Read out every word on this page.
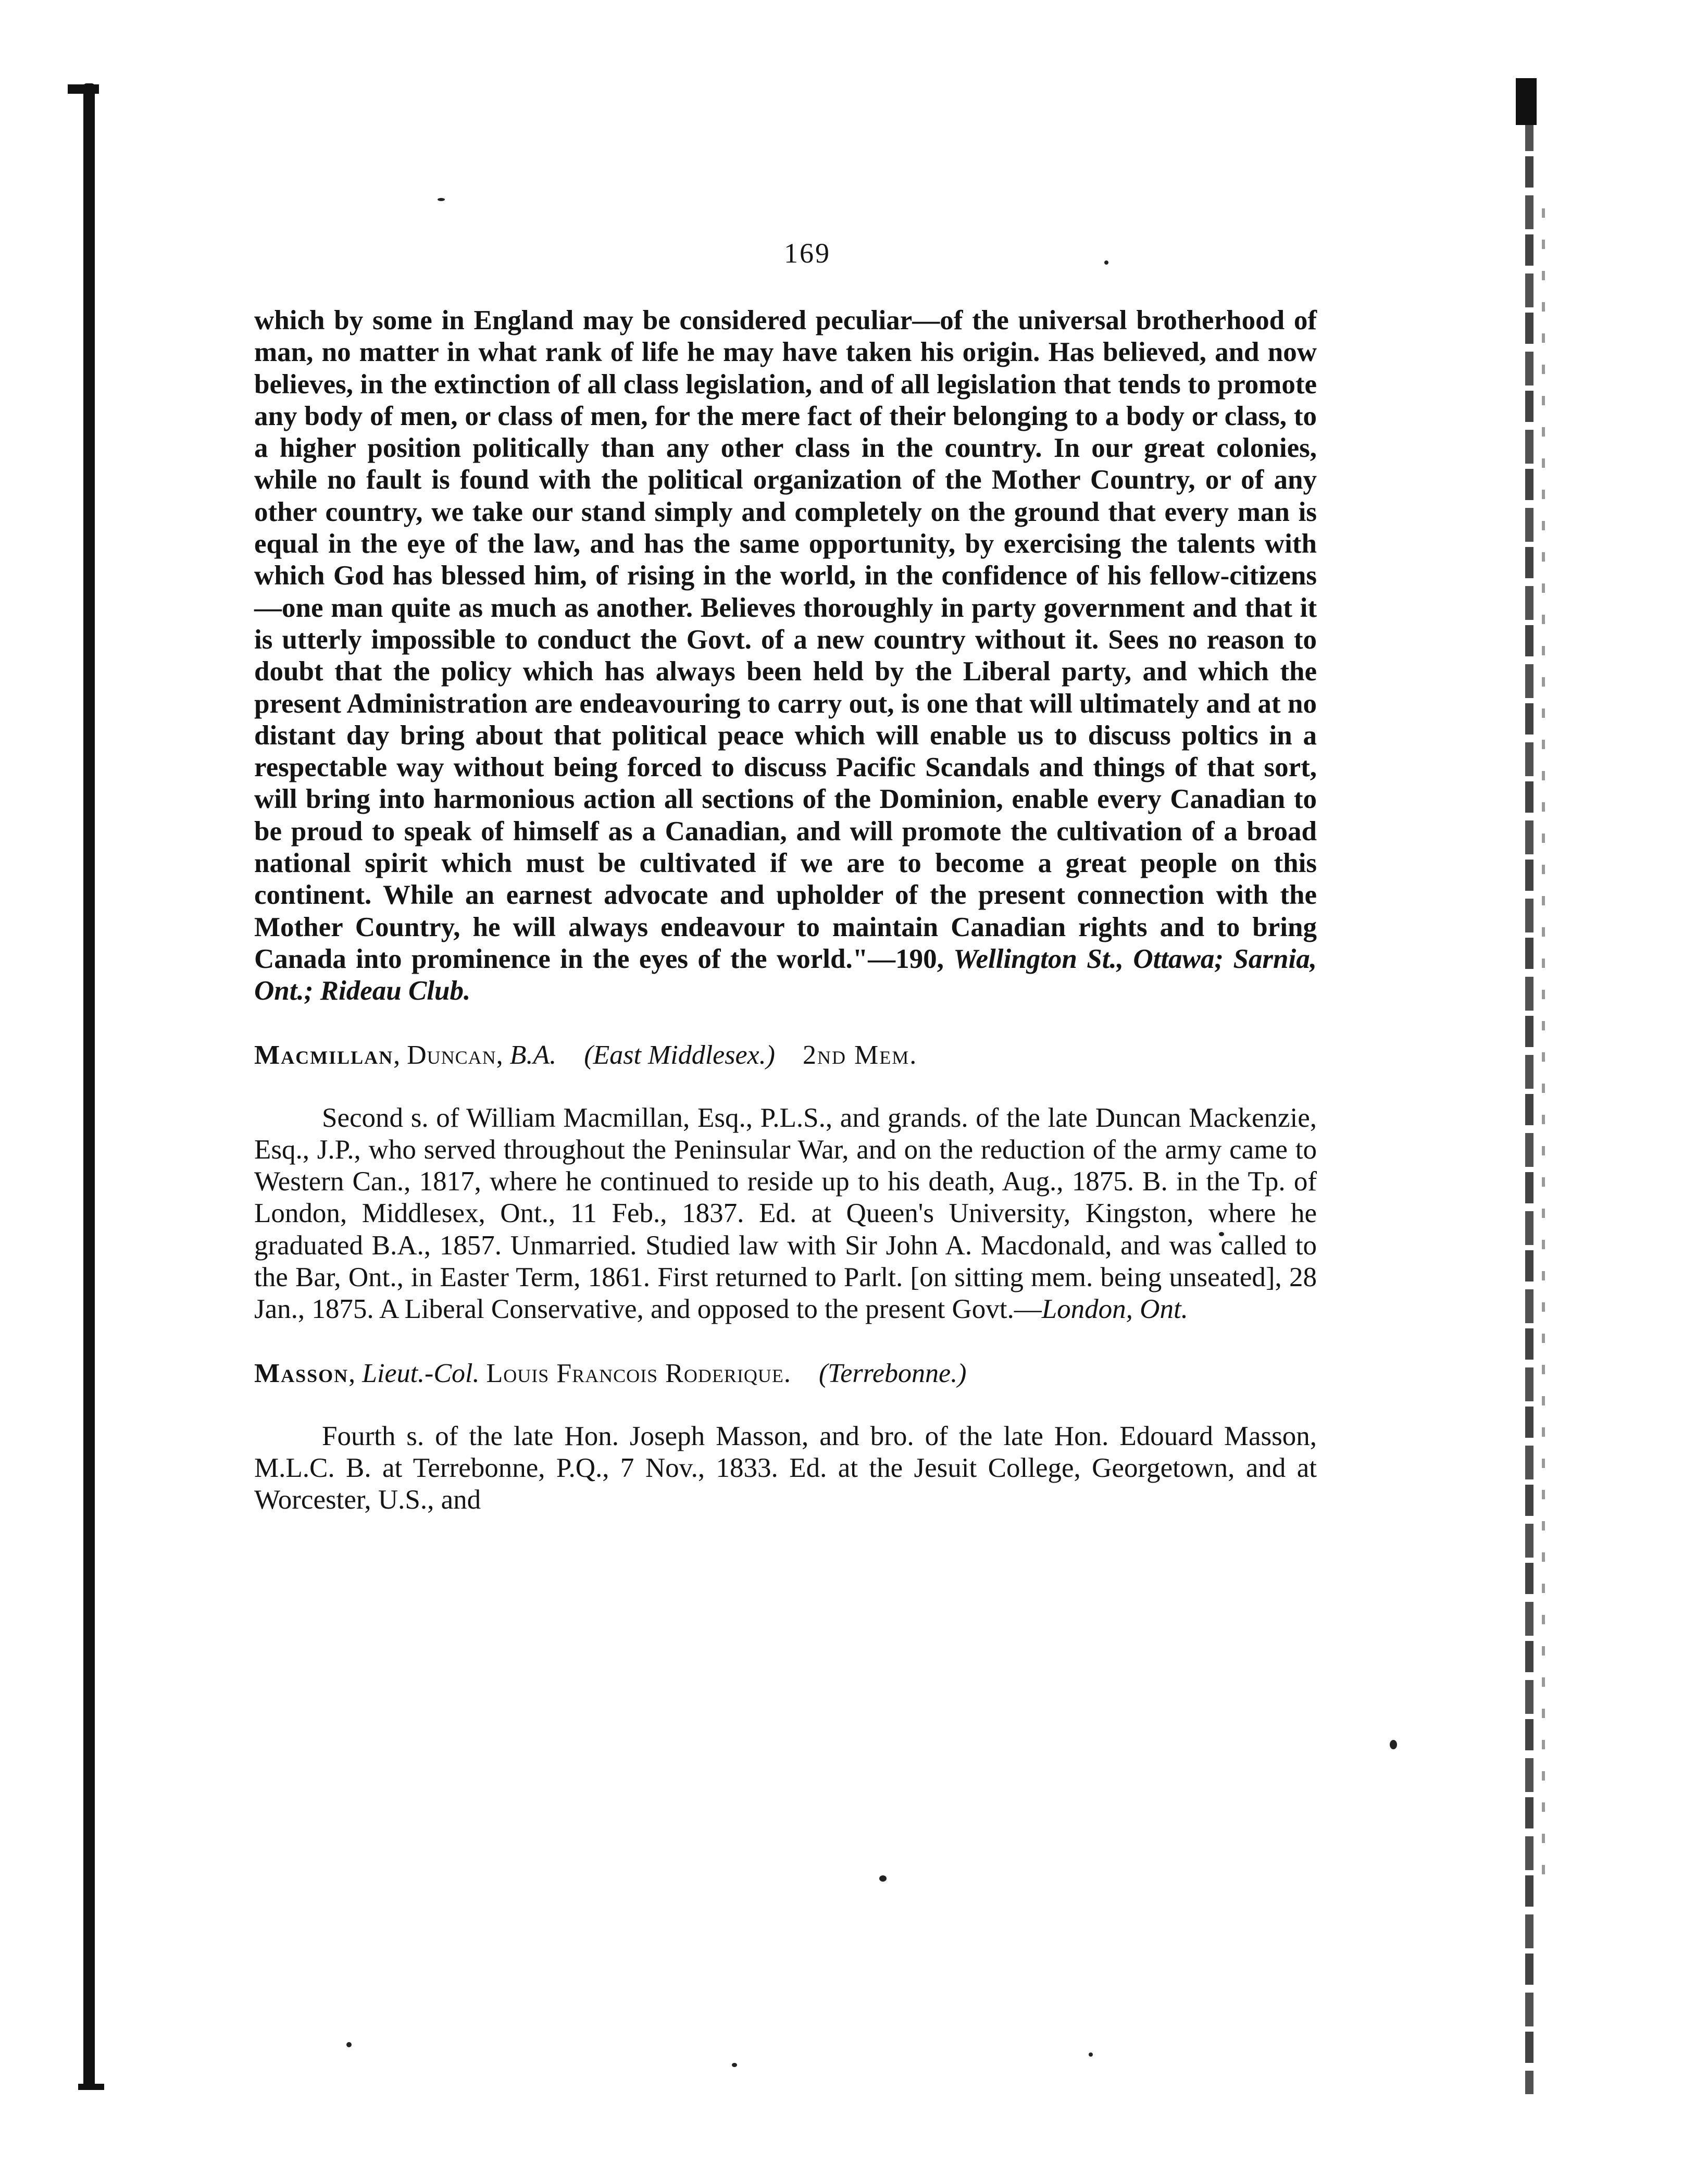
169

which by some in England may be considered peculiar—of the universal brotherhood of man, no matter in what rank of life he may have taken his origin. Has believed, and now believes, in the extinction of all class legislation, and of all legislation that tends to promote any body of men, or class of men, for the mere fact of their belonging to a body or class, to a higher position politically than any other class in the country. In our great colonies, while no fault is found with the political organization of the Mother Country, or of any other country, we take our stand simply and completely on the ground that every man is equal in the eye of the law, and has the same opportunity, by exercising the talents with which God has blessed him, of rising in the world, in the confidence of his fellow-citizens—one man quite as much as another. Believes thoroughly in party government and that it is utterly impossible to conduct the Govt. of a new country without it. Sees no reason to doubt that the policy which has always been held by the Liberal party, and which the present Administration are endeavouring to carry out, is one that will ultimately and at no distant day bring about that political peace which will enable us to discuss poltics in a respectable way without being forced to discuss Pacific Scandals and things of that sort, will bring into harmonious action all sections of the Dominion, enable every Canadian to be proud to speak of himself as a Canadian, and will promote the cultivation of a broad national spirit which must be cultivated if we are to become a great people on this continent. While an earnest advocate and upholder of the present connection with the Mother Country, he will always endeavour to maintain Canadian rights and to bring Canada into prominence in the eyes of the world."—190, Wellington St., Ottawa; Sarnia, Ont.; Rideau Club.

Macmillan, Duncan, B.A. (East Middlesex.) 2nd Mem.

Second s. of William Macmillan, Esq., P.L.S., and grands. of the late Duncan Mackenzie, Esq., J.P., who served throughout the Peninsular War, and on the reduction of the army came to Western Can., 1817, where he continued to reside up to his death, Aug., 1875. B. in the Tp. of London, Middlesex, Ont., 11 Feb., 1837. Ed. at Queen's University, Kingston, where he graduated B.A., 1857. Unmarried. Studied law with Sir John A. Macdonald, and was called to the Bar, Ont., in Easter Term, 1861. First returned to Parlt. [on sitting mem. being unseated], 28 Jan., 1875. A Liberal Conservative, and opposed to the present Govt.—London, Ont.

Masson, Lieut.-Col. Louis Francois Roderique. (Terrebonne.)

Fourth s. of the late Hon. Joseph Masson, and bro. of the late Hon. Edouard Masson, M.L.C. B. at Terrebonne, P.Q., 7 Nov., 1833. Ed. at the Jesuit College, Georgetown, and at Worcester, U.S., and
